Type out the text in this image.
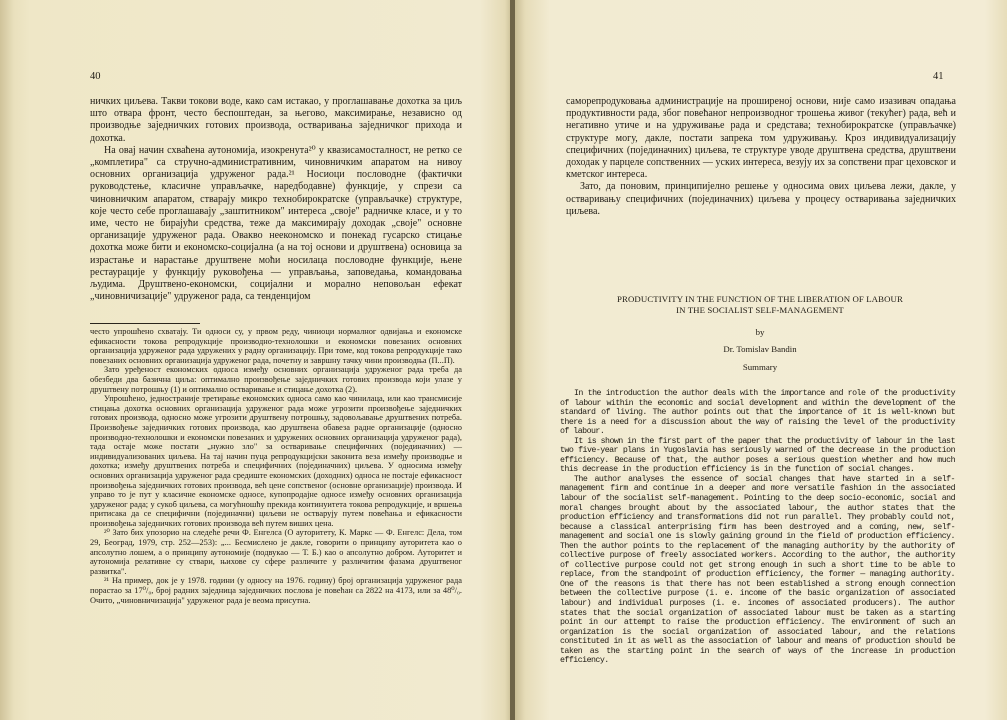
40

ничких циљева. Такви токови воде, како сам истакао, у проглашавање дохотка за циљ што отвара фронт, често беспоштедан, за његово, максимирање, независно од производње заједничких готових производа, остваривања заједничког прихода и дохотка.

На овај начин схваћена аутономија, изокренута²⁰ у квазисамосталност, не ретко се „комплетира" са стручно-административним, чиновничким апаратом на нивоу основних организација удруженог рада.²¹ Носиоци пословодне (фактички руководстење, класичне управљачке, наредбодавне) функције, у спрези са чиновничким апаратом, стварају микро технобирократске (управљачке) структуре, које често себе проглашавају „заштитником" интереса „своје" радничке класе, и у то име, често не бирајући средства, теже да максимирају доходак „своје" основне организације удруженог рада. Овакво неекономско и понекад гусарско стицање дохотка може бити и економско-социјална (а на тој основи и друштвена) основица за израстање и нарастање друштвене моћи носилаца пословодне функције, њене рестаурације у функцију руковођења — управљања, заповедања, командовања људима. Друштвено-економски, социјални и морално неповољан ефекат „чиновничизације" удружeног рада, са тенденцијом

често упрошћено схватају. Ти односи су, у првом реду, чиниоци нормалног одвијања и економске ефикасности токова репродукције производно-технолошки и економски повезаних основних организација удруженог рада удружених у радну организацију. При томе, код токова репродукције тако повезаних основних организација удруженог рада, почетну и завршну тачку чини производња (П...П).

Зато уређеност економских односа између основних организација удруженог рада треба да обезбеди два базична циља: оптимално произвођење заједничких готових производа који улазе у друштвену потрошњу (1) и оптимално остваривање и стицање дохотка (2).

Упрошћено, једностраније третирање економских односа само као чинилаца, или као трансмисије стицања дохотка основних организација удруженог рада може угрозити произвођење заједничких готових производа, односно може угрозити друштвену потрошњу, задовољавање друштвених потреба. Произвођење заједничких готових производа, као друштвена обавеза радне организације (односно производно-технолошки и економски повезаних и удружених основних организација удруженог рада), тада остаје може постати „нужно зло" за остваривање специфичних (појединачних) — индивидуализованих циљева. На тај начин пуца репродукцијски законита веза између производње и дохотка; између друштвених потреба и специфичних (појединачних) циљева. У односима између основних организација удруженог рада средиште економских (доходних) односа не постаје ефикасност произвођења заједничких готових производа, већ цене сопственог (основне организације) производа. И управо то је пут у класичне економске односе, купопродајне односе између основних организација удруженог рада; у сукоб циљева, са могућношћу прекида континуитета токова репродукције, и вршења притисака да се специфични (појединачни) циљеви не остварују путем повећања и ефикасности произвођења заједничких готових производа већ путем виших цена.

²⁰ Зато бих упозорио на следеће речи Ф. Енгелса (О ауторитету, К. Маркс — Ф. Енгелс: Дела, том 29, Београд, 1979, стр. 252—253): „... Бесмислено је дакле, говорити о принципу ауторитета као о апсолутно лошем, а о принципу аутономије (подвукао — Т. Б.) као о апсолутно добром. Ауторитет и аутономија релативне су ствари, њихове су сфере различите у различитим фазама друштвеног развитка".

²¹ На пример, док је у 1978. години (у односу на 1976. годину) број организација удруженог рада порастао за 17⁰/₀, број радних заједница заједничких послова је повећан са 2822 на 4173, или за 48⁰/₀. Очито, „чиновничизација" удруженог рада је веома присутна.

41

саморепродуковања администрације на проширеној основи, није само изазивач опадања продуктивности рада, због повећаног непроизводног трошења живог (текућег) рада, већ и негативно утиче и на удруживање рада и средстава; технобирократске (управљачке) структуре могу, дакле, постати запрека том удруживању. Кроз индивидуализацију специфичних (појединачних) циљева, те структуре уводе друштвена средства, друштвени доходак у парцеле сопственних — уских интереса, везују их за сопствени праг цеховског и кметског интереса.

Зато, да поновим, принципијелно решење у односима ових циљева лежи, дакле, у остваривању специфичних (појединачних) циљева у процесу остваривања заједничких циљева.

PRODUCTIVITY IN THE FUNCTION OF THE LIBERATION OF LABOUR
IN THE SOCIALIST SELF-MANAGEMENT
by
Dr. Tomislav Bandin
Summary

In the introduction the author deals with the importance and role of the productivity of labour within the economic and social development and within the development of the standard of living. The author points out that the importance of it is well-known but there is a need for a discussion about the way of raising the level of the productivity of labour.

It is shown in the first part of the paper that the productivity of labour in the last two five-year plans in Yugoslavia has seriously warned of the decrease in the production efficiency. Because of that, the author poses a serious question whether and how much this decrease in the production efficiency is in the function of social changes.

The author analyses the essence of social changes that have started in a self-management firm and continue in a deeper and more versatile fashion in the associated labour of the socialist self-management. Pointing to the deep socio-economic, social and moral changes brought about by the associated labour, the author states that the production efficiency and transformations did not run parallel. They probably could not, because a classical anterprising firm has been destroyed and a coming, new, self-management and social one is slowly gaining ground in the field of production efficiency. Then the author points to the replacement of the managing authority by the authority of collective purpose of freely associated workers. According to the author, the authority of collective purpose could not get strong enough in such a short time to be able to replace, from the standpoint of production efficiency, the former — managing authority. One of the reasons is that there has not been established a strong enough connection between the collective purpose (i. e. income of the basic organization of associated labour) and individual purposes (i. e. incomes of associated producers). The author states that the social organization of associated labour must be taken as a starting point in our attempt to raise the production efficiency. The environment of such an organization is the social organization of associated labour, and the relations constituted in it as well as the association of labour and means of production should be taken as the starting point in the search of ways of the increase in production efficiency.
